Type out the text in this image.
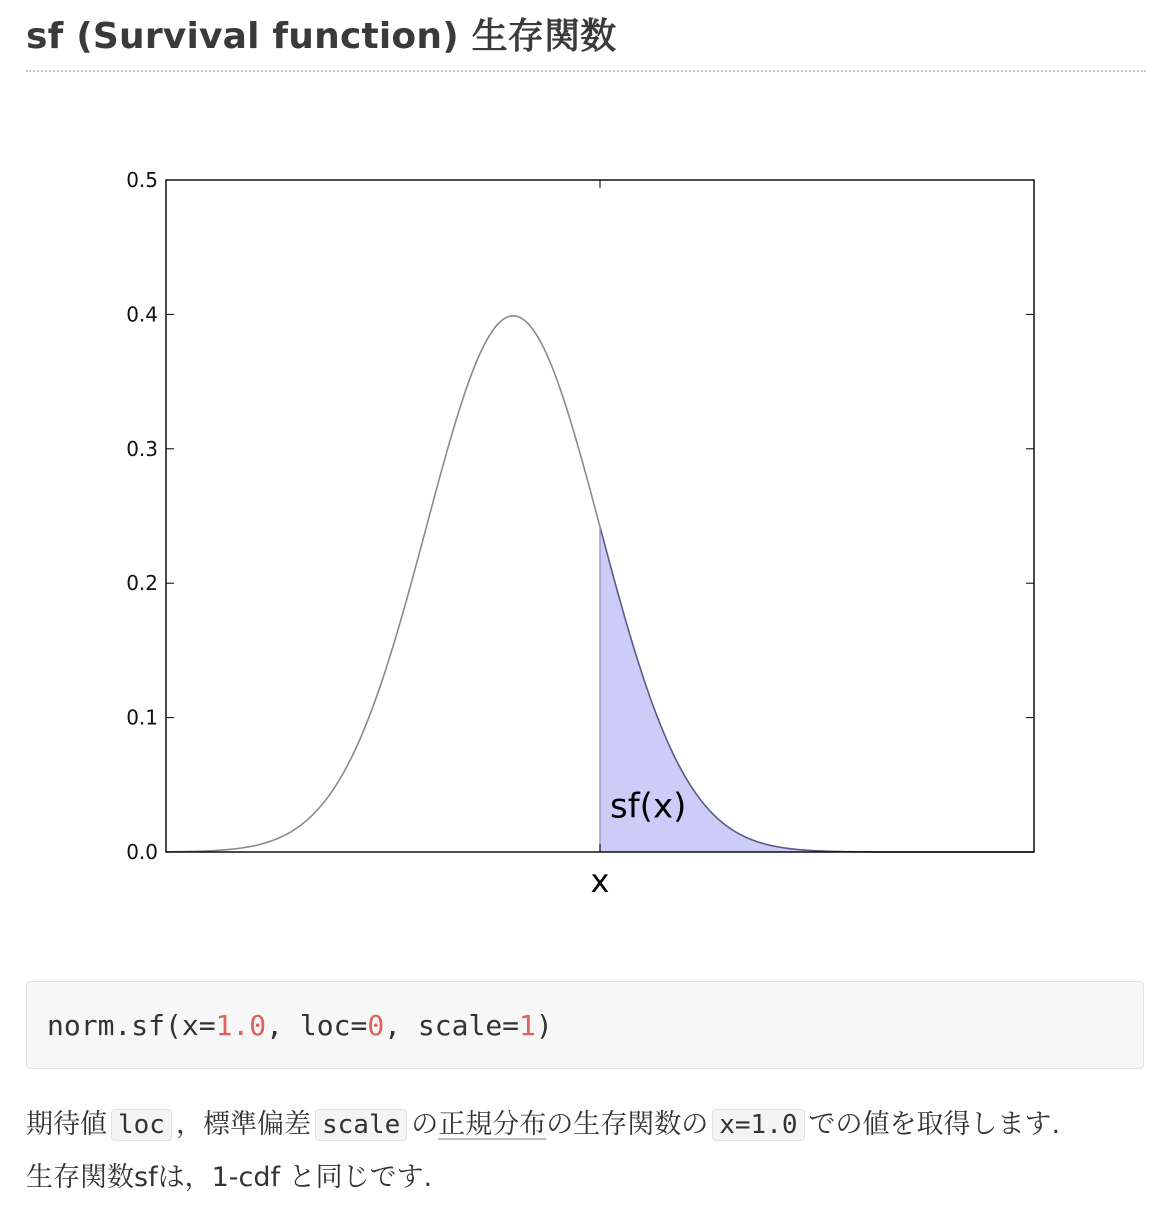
sf (Survival function) 生存関数
0.0
0.1
0.2
0.3
0.4
0.5
x
sf(x)
norm.sf(x=1.0, loc=0, scale=1)

期待値 loc ，標準偏差 scale の正規分布の生存関数の x=1.0 での値を取得します.

生存関数sfは，1-cdf と同じです.
